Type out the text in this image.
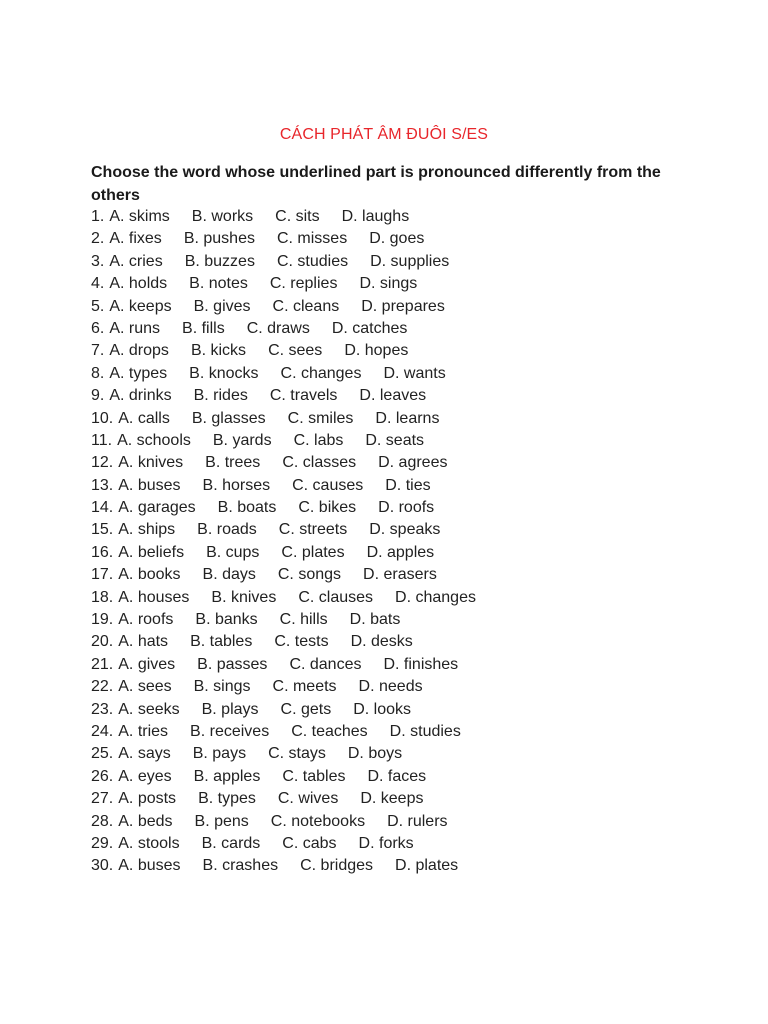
CÁCH PHÁT ÂM ĐUÔI S/ES
Choose the word whose underlined part is pronounced differently from the others
1. A. skims B. works C. sits D. laughs
2. A. fixes B. pushes C. misses D. goes
3. A. cries B. buzzes C. studies D. supplies
4. A. holds B. notes C. replies D. sings
5. A. keeps B. gives C. cleans D. prepares
6. A. runs B. fills C. draws D. catches
7. A. drops B. kicks C. sees D. hopes
8. A. types B. knocks C. changes D. wants
9. A. drinks B. rides C. travels D. leaves
10. A. calls B. glasses C. smiles D. learns
11. A. schools B. yards C. labs D. seats
12. A. knives B. trees C. classes D. agrees
13. A. buses B. horses C. causes D. ties
14. A. garages B. boats C. bikes D. roofs
15. A. ships B. roads C. streets D. speaks
16. A. beliefs B. cups C. plates D. apples
17. A. books B. days C. songs D. erasers
18. A. houses B. knives C. clauses D. changes
19. A. roofs B. banks C. hills D. bats
20. A. hats B. tables C. tests D. desks
21. A. gives B. passes C. dances D. finishes
22. A. sees B. sings C. meets D. needs
23. A. seeks B. plays C. gets D. looks
24. A. tries B. receives C. teaches D. studies
25. A. says B. pays C. stays D. boys
26. A. eyes B. apples C. tables D. faces
27. A. posts B. types C. wives D. keeps
28. A. beds B. pens C. notebooks D. rulers
29. A. stools B. cards C. cabs D. forks
30. A. buses B. crashes C. bridges D. plates
